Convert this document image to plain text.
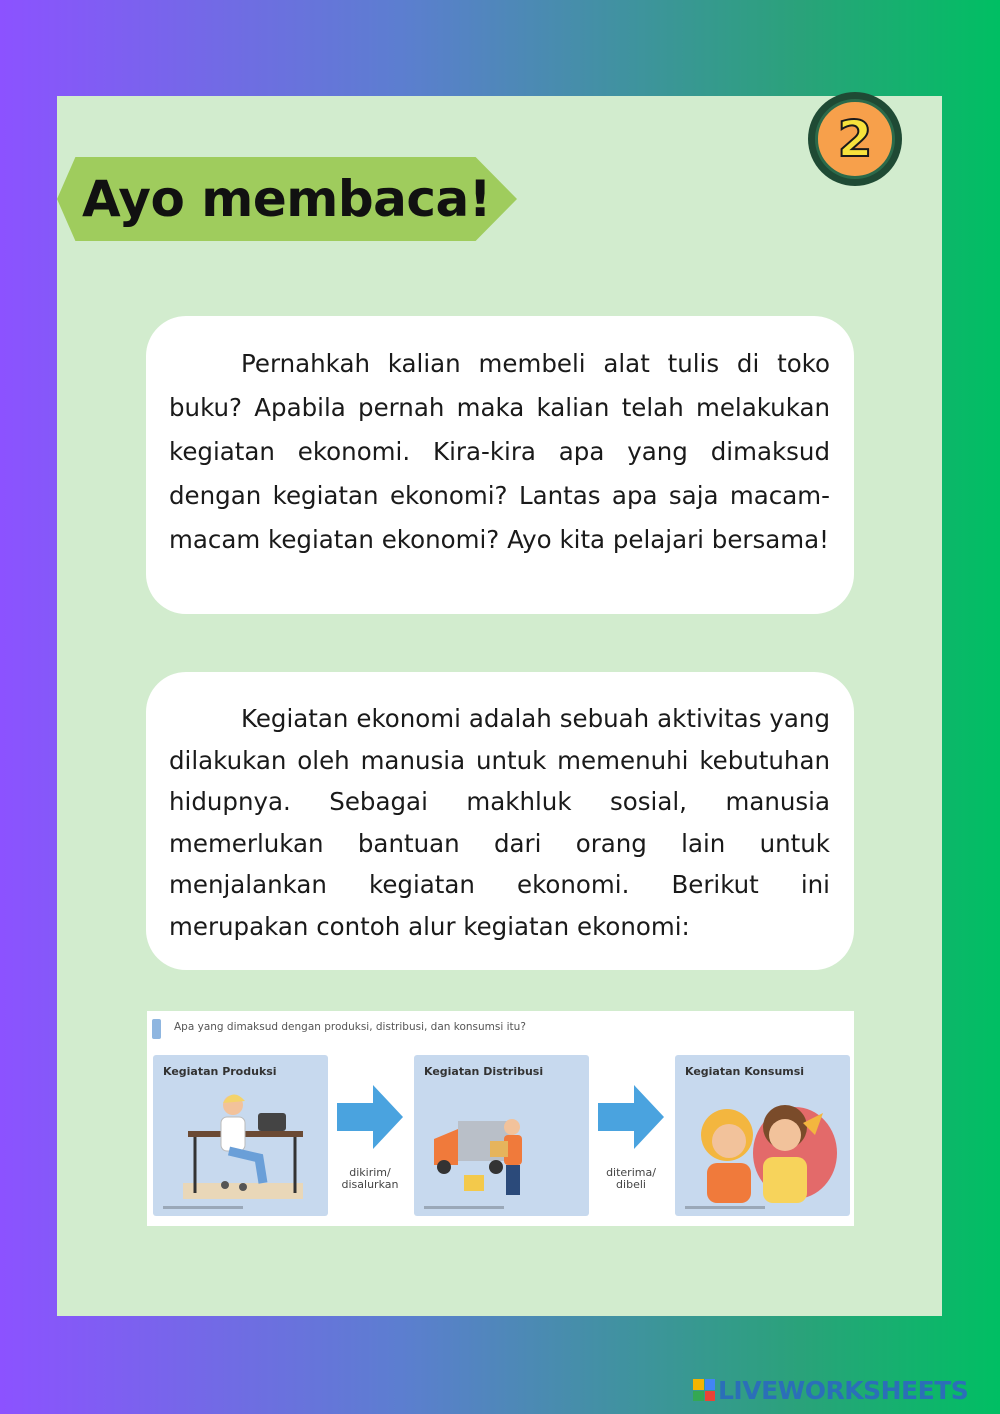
2
Ayo membaca!

Pernahkah kalian membeli alat tulis di toko buku? Apabila pernah maka kalian telah melakukan kegiatan ekonomi. Kira-kira apa yang dimaksud dengan kegiatan ekonomi? Lantas apa saja macam-macam kegiatan ekonomi? Ayo kita pelajari bersama!

Kegiatan ekonomi adalah sebuah aktivitas yang dilakukan oleh manusia untuk memenuhi kebutuhan hidupnya. Sebagai makhluk sosial, manusia memerlukan bantuan dari orang lain untuk menjalankan kegiatan ekonomi. Berikut ini merupakan contoh alur kegiatan ekonomi:

Apa yang dimaksud dengan produksi, distribusi, dan konsumsi itu?
Kegiatan Produksi
dikirim/
disalurkan
Kegiatan Distribusi
diterima/
dibeli
Kegiatan Konsumsi
LIVEWORKSHEETS
